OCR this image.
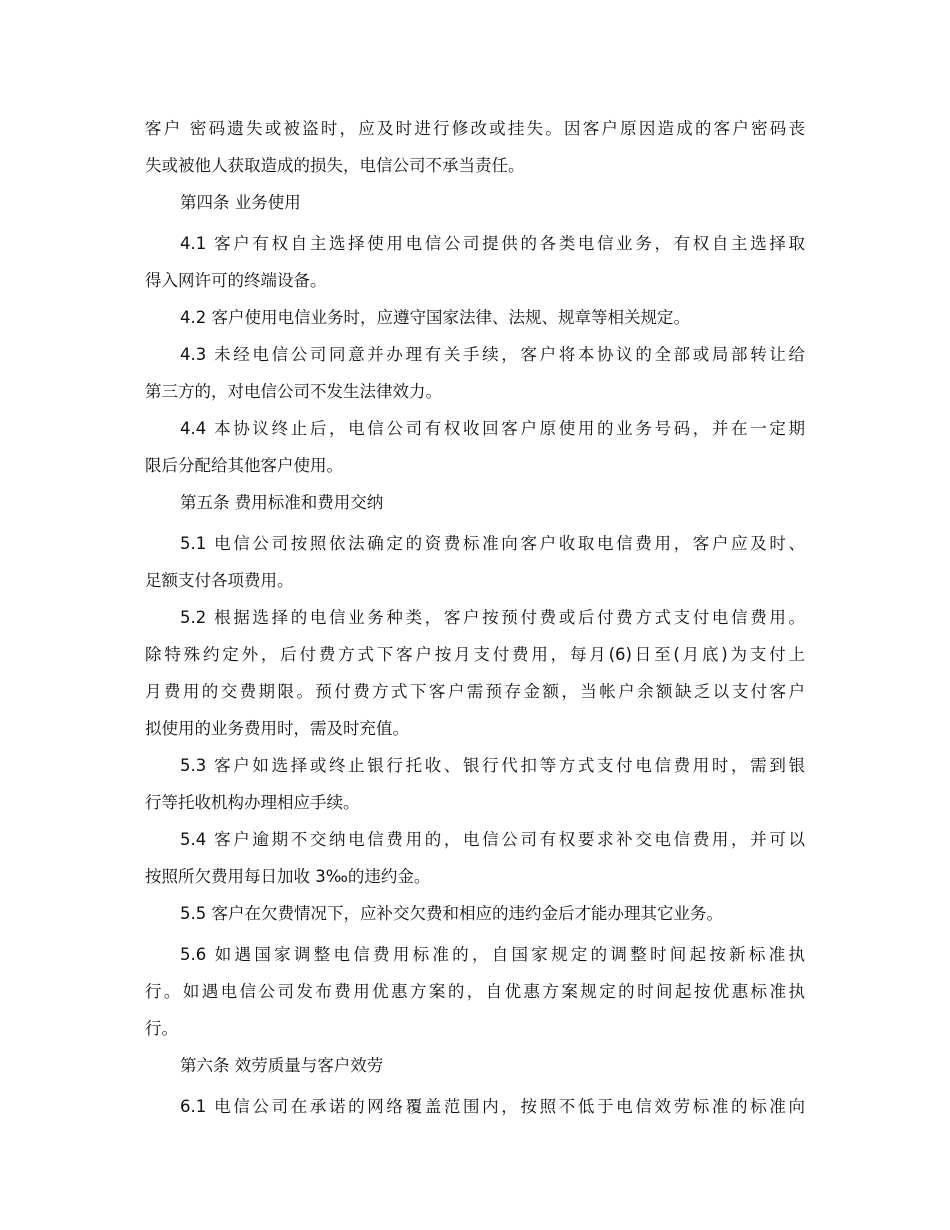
客户 密码遗失或被盗时，应及时进行修改或挂失。因客户原因造成的客户密码丧
失或被他人获取造成的损失，电信公司不承当责任。
第四条 业务使用
4.1 客户有权自主选择使用电信公司提供的各类电信业务，有权自主选择取
得入网许可的终端设备。
4.2 客户使用电信业务时，应遵守国家法律、法规、规章等相关规定。
4.3 未经电信公司同意并办理有关手续，客户将本协议的全部或局部转让给
第三方的，对电信公司不发生法律效力。
4.4 本协议终止后，电信公司有权收回客户原使用的业务号码，并在一定期
限后分配给其他客户使用。
第五条 费用标准和费用交纳
5.1 电信公司按照依法确定的资费标准向客户收取电信费用，客户应及时、
足额支付各项费用。
5.2 根据选择的电信业务种类，客户按预付费或后付费方式支付电信费用。
除特殊约定外，后付费方式下客户按月支付费用，每月(6)日至(月底)为支付上
月费用的交费期限。预付费方式下客户需预存金额，当帐户余额缺乏以支付客户
拟使用的业务费用时，需及时充值。
5.3 客户如选择或终止银行托收、银行代扣等方式支付电信费用时，需到银
行等托收机构办理相应手续。
5.4 客户逾期不交纳电信费用的，电信公司有权要求补交电信费用，并可以
按照所欠费用每日加收 3‰的违约金。
5.5 客户在欠费情况下，应补交欠费和相应的违约金后才能办理其它业务。
5.6 如遇国家调整电信费用标准的，自国家规定的调整时间起按新标准执
行。如遇电信公司发布费用优惠方案的，自优惠方案规定的时间起按优惠标准执
行。
第六条 效劳质量与客户效劳
6.1 电信公司在承诺的网络覆盖范围内，按照不低于电信效劳标准的标准向
